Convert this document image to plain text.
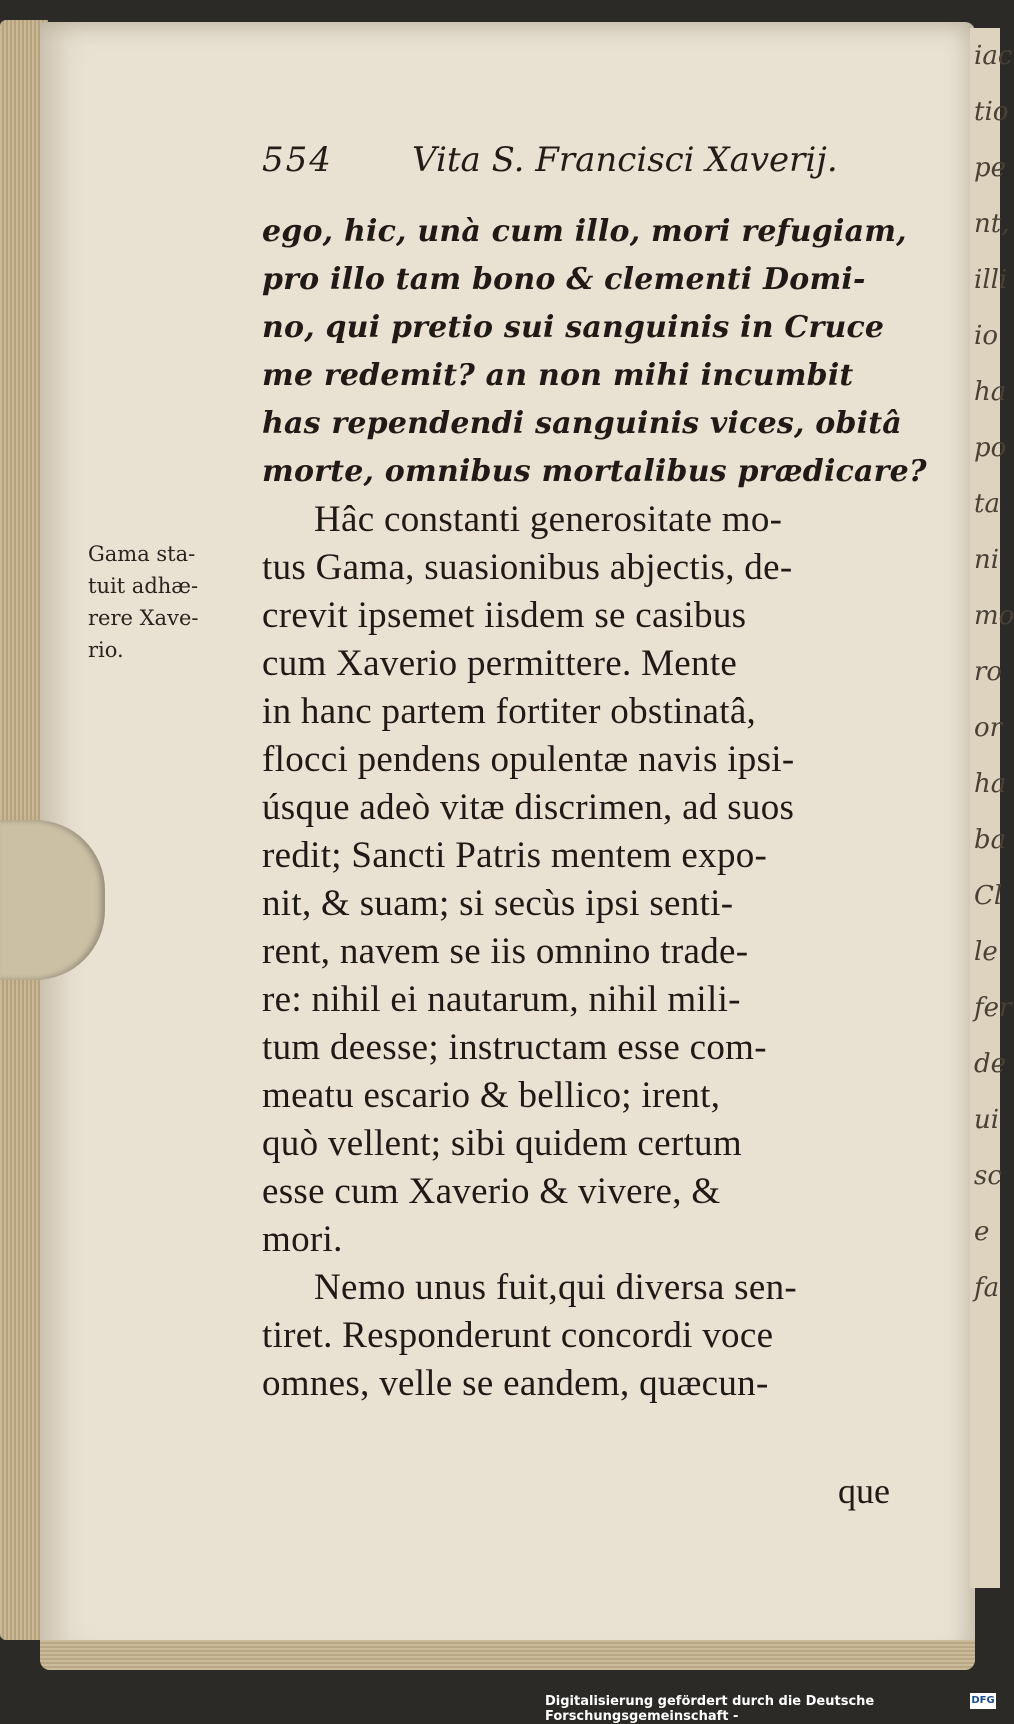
iac
tio
pe
nt,
illi
io
ha
po
ta
ni
mo
ro
or
ha
ba
Cl
le
fer
de
ui
sc
e
fa
554 Vita S. Francisci Xaverij.
Gama sta-
tuit adhæ-
rere Xave-
rio.
ego, hic, unà cum illo, mori refugiam,
pro illo tam bono & clementi Domi-
no, qui pretio sui sanguinis in Cruce
me redemit? an non mihi incumbit
has rependendi sanguinis vices, obitâ
morte, omnibus mortalibus prædicare?
Hâc constanti generositate mo-
tus Gama, suasionibus abjectis, de-
crevit ipsemet iisdem se casibus
cum Xaverio permittere. Mente
in hanc partem fortiter obstinatâ,
flocci pendens opulentæ navis ipsi-
úsque adeò vitæ discrimen, ad suos
redit; Sancti Patris mentem expo-
nit, & suam; si secùs ipsi senti-
rent, navem se iis omnino trade-
re: nihil ei nautarum, nihil mili-
tum deesse; instructam esse com-
meatu escario & bellico; irent,
quò vellent; sibi quidem certum
esse cum Xaverio & vivere, &
mori.
Nemo unus fuit,qui diversa sen-
tiret. Responderunt concordi voce
omnes, velle se eandem, quæcun-
que
Digitalisierung gefördert durch die Deutsche Forschungsgemeinschaft -
DFG
